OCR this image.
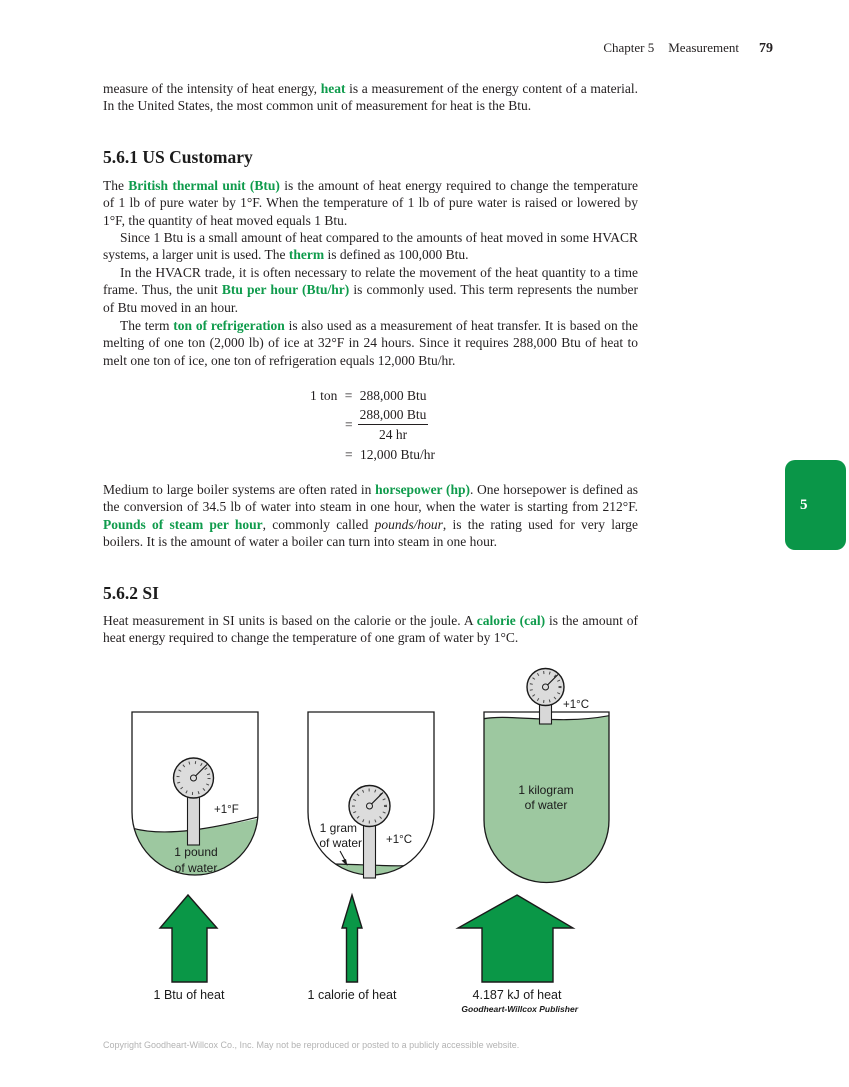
Chapter 5 Measurement 79
measure of the intensity of heat energy, heat is a measurement of the energy content of a material. In the United States, the most common unit of measurement for heat is the Btu.
5.6.1 US Customary
The British thermal unit (Btu) is the amount of heat energy required to change the temperature of 1 lb of pure water by 1°F. When the temperature of 1 lb of pure water is raised or lowered by 1°F, the quantity of heat moved equals 1 Btu.
Since 1 Btu is a small amount of heat compared to the amounts of heat moved in some HVACR systems, a larger unit is used. The therm is defined as 100,000 Btu.
In the HVACR trade, it is often necessary to relate the movement of the heat quantity to a time frame. Thus, the unit Btu per hour (Btu/hr) is commonly used. This term represents the number of Btu moved in an hour.
The term ton of refrigeration is also used as a measurement of heat transfer. It is based on the melting of one ton (2,000 lb) of ice at 32°F in 24 hours. Since it requires 288,000 Btu of heat to melt one ton of ice, one ton of refrigeration equals 12,000 Btu/hr.
1 ton = 288,000 Btu
= $\frac{\text{288,000 Btu}}{24 hr}$
= 12,000 Btu/hr
Medium to large boiler systems are often rated in horsepower (hp). One horsepower is defined as the conversion of 34.5 lb of water into steam in one hour, when the water is starting from 212°F. Pounds of steam per hour, commonly called pounds/hour, is the rating used for very large boilers. It is the amount of water a boiler can turn into steam in one hour.
5.6.2 SI
Heat measurement in SI units is based on the calorie or the joule. A calorie (cal) is the amount of heat energy required to change the temperature of one gram of water by 1°C.
5
+1°F
1 pound
of water
1 gram
of water +1°C
+1°C
1 kilogram
of water
1 Btu of heat	1 calorie of heat	4.187 kJ of heat
Goodheart-Willcox Publisher
Copyright Goodheart-Willcox Co., Inc. May not be reproduced or posted to a publicly accessible website.
